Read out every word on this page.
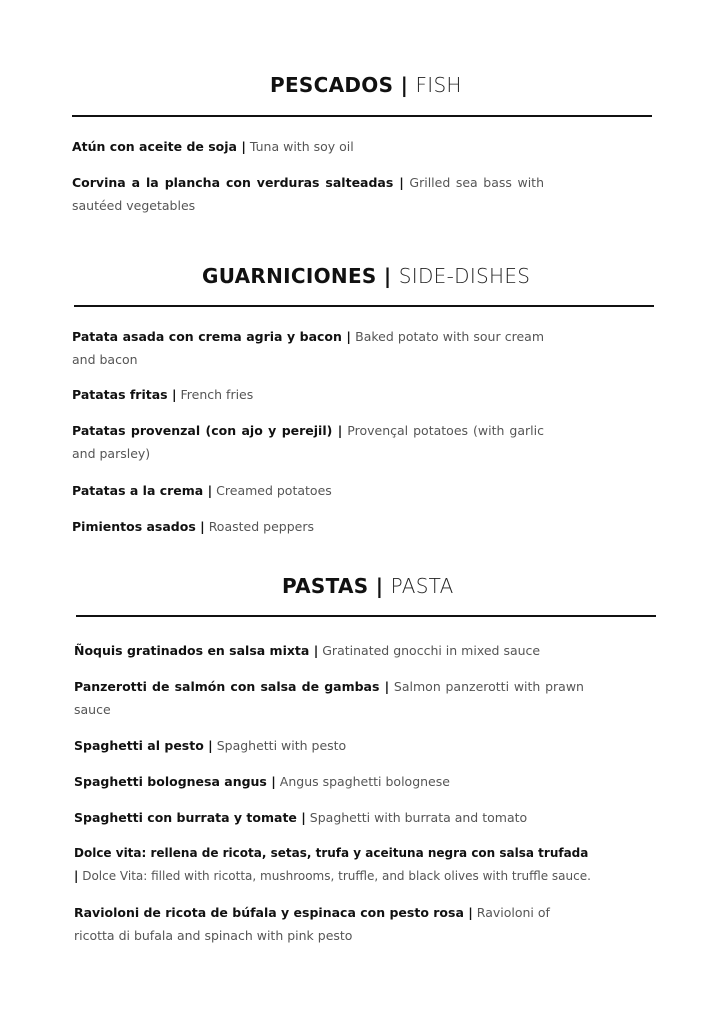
PESCADOS | FISH

Atún con aceite de soja | Tuna with soy oil

Corvina a la plancha con verduras salteadas | Grilled sea bass with sautéed vegetables

GUARNICIONES | SIDE-DISHES

Patata asada con crema agria y bacon | Baked potato with sour cream and bacon

Patatas fritas | French fries

Patatas provenzal (con ajo y perejil) | Provençal potatoes (with garlic and parsley)

Patatas a la crema | Creamed potatoes

Pimientos asados | Roasted peppers

PASTAS | PASTA

Ñoquis gratinados en salsa mixta | Gratinated gnocchi in mixed sauce

Panzerotti de salmón con salsa de gambas | Salmon panzerotti with prawn sauce

Spaghetti al pesto | Spaghetti with pesto

Spaghetti bolognesa angus | Angus spaghetti bolognese

Spaghetti con burrata y tomate | Spaghetti with burrata and tomato

Dolce vita: rellena de ricota, setas, trufa y aceituna negra con salsa trufada | Dolce Vita: filled with ricotta, mushrooms, truffle, and black olives with truffle sauce.

Ravioloni de ricota de búfala y espinaca con pesto rosa | Ravioloni of ricotta di bufala and spinach with pink pesto
